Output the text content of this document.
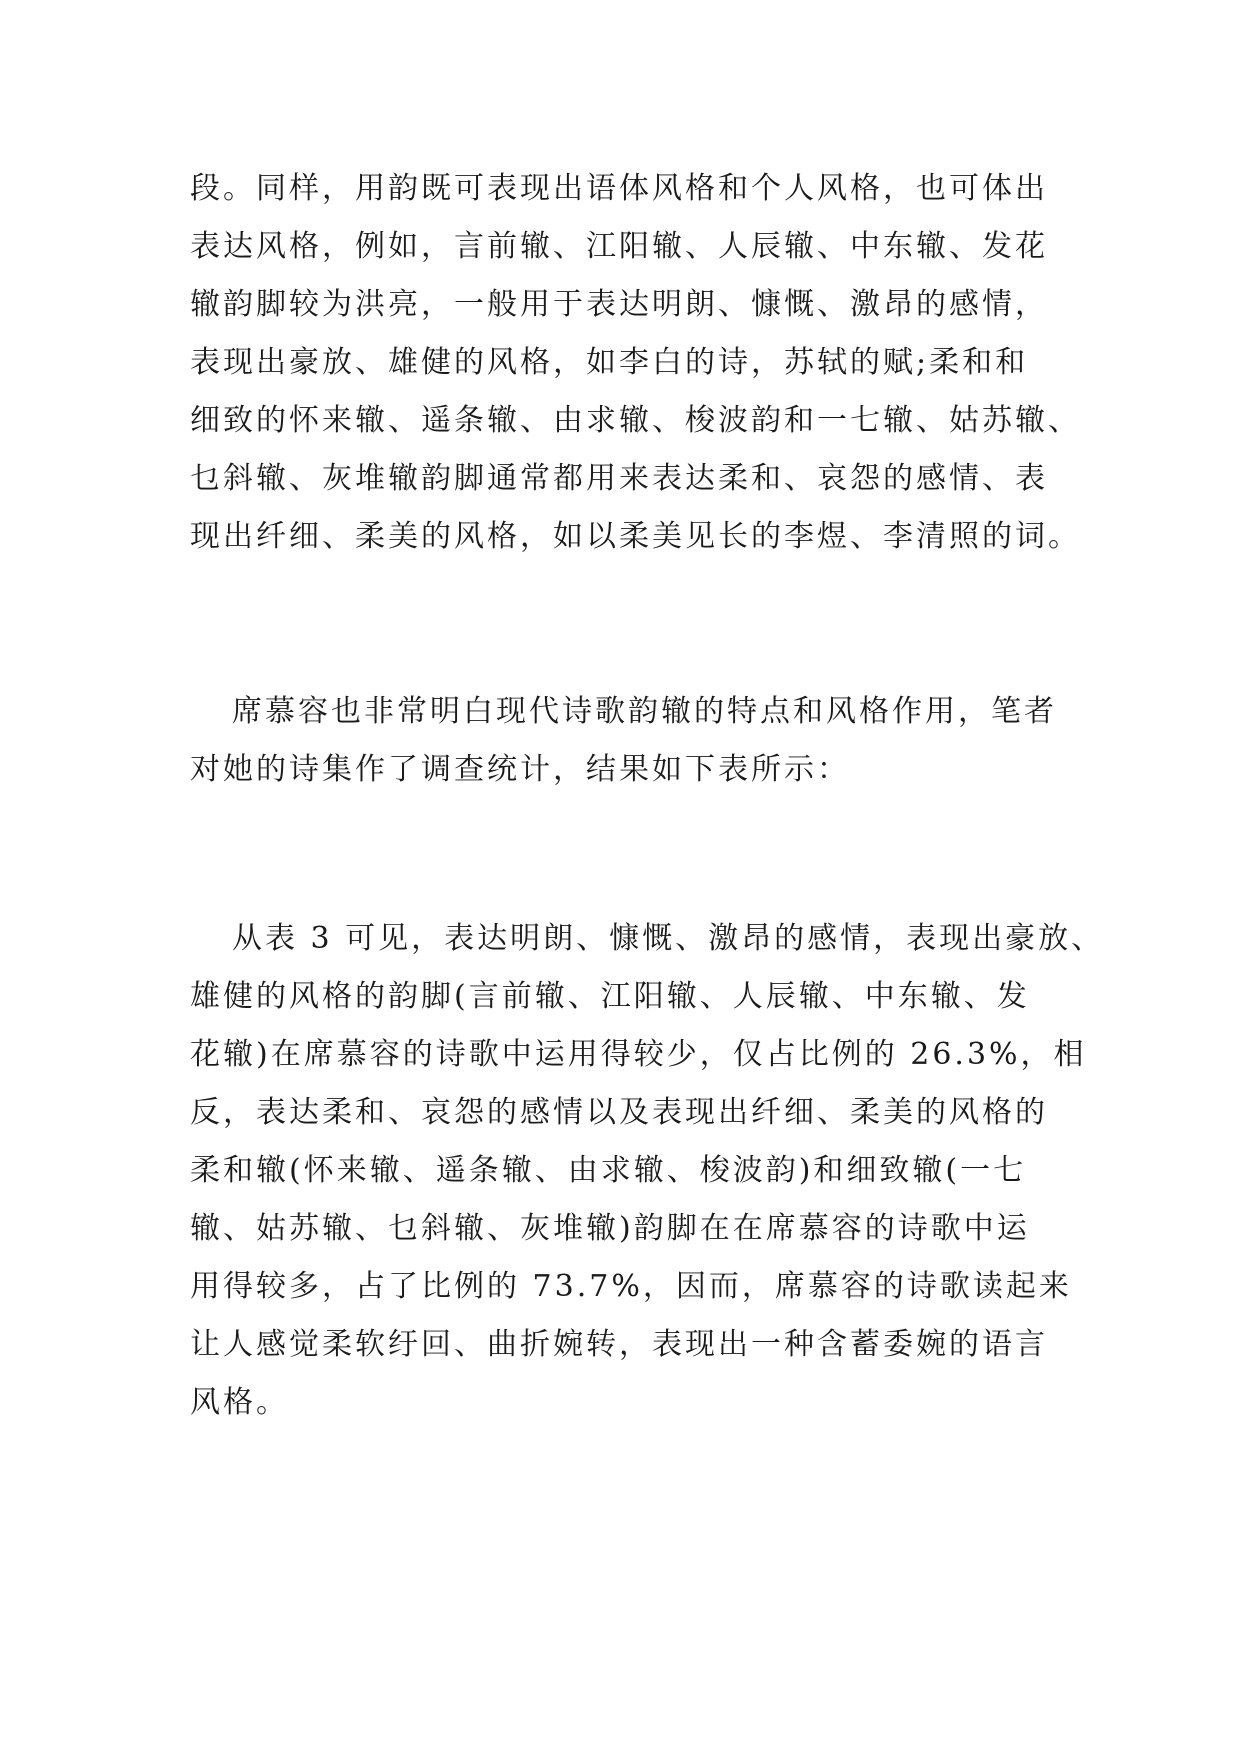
段。同样，用韵既可表现出语体风格和个人风格，也可体出
表达风格，例如，言前辙、江阳辙、人辰辙、中东辙、发花
辙韵脚较为洪亮，一般用于表达明朗、慷慨、激昂的感情，
表现出豪放、雄健的风格，如李白的诗，苏轼的赋;柔和和
细致的怀来辙、遥条辙、由求辙、梭波韵和一七辙、姑苏辙、
乜斜辙、灰堆辙韵脚通常都用来表达柔和、哀怨的感情、表
现出纤细、柔美的风格，如以柔美见长的李煜、李清照的词。
席慕容也非常明白现代诗歌韵辙的特点和风格作用，笔者
对她的诗集作了调查统计，结果如下表所示：
从表 3 可见，表达明朗、慷慨、激昂的感情，表现出豪放、
雄健的风格的韵脚(言前辙、江阳辙、人辰辙、中东辙、发
花辙)在席慕容的诗歌中运用得较少，仅占比例的 26.3%，相
反，表达柔和、哀怨的感情以及表现出纤细、柔美的风格的
柔和辙(怀来辙、遥条辙、由求辙、梭波韵)和细致辙(一七
辙、姑苏辙、乜斜辙、灰堆辙)韵脚在在席慕容的诗歌中运
用得较多，占了比例的 73.7%，因而，席慕容的诗歌读起来
让人感觉柔软纡回、曲折婉转，表现出一种含蓄委婉的语言
风格。
